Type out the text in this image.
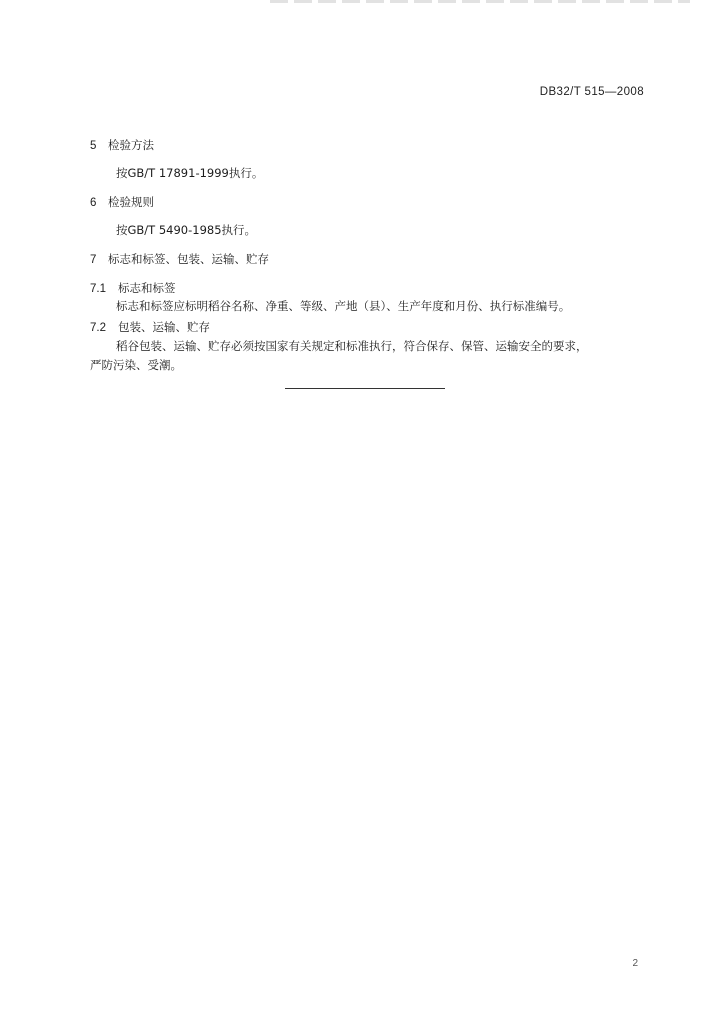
DB32/T 515—2008
5 检验方法
按GB/T 17891-1999执行。
6 检验规则
按GB/T 5490-1985执行。
7 标志和标签、包装、运输、贮存
7.1 标志和标签
标志和标签应标明稻谷名称、净重、等级、产地（县）、生产年度和月份、执行标准编号。
7.2 包装、运输、贮存
稻谷包装、运输、贮存必须按国家有关规定和标准执行，符合保存、保管、运输安全的要求，
严防污染、受潮。
2
